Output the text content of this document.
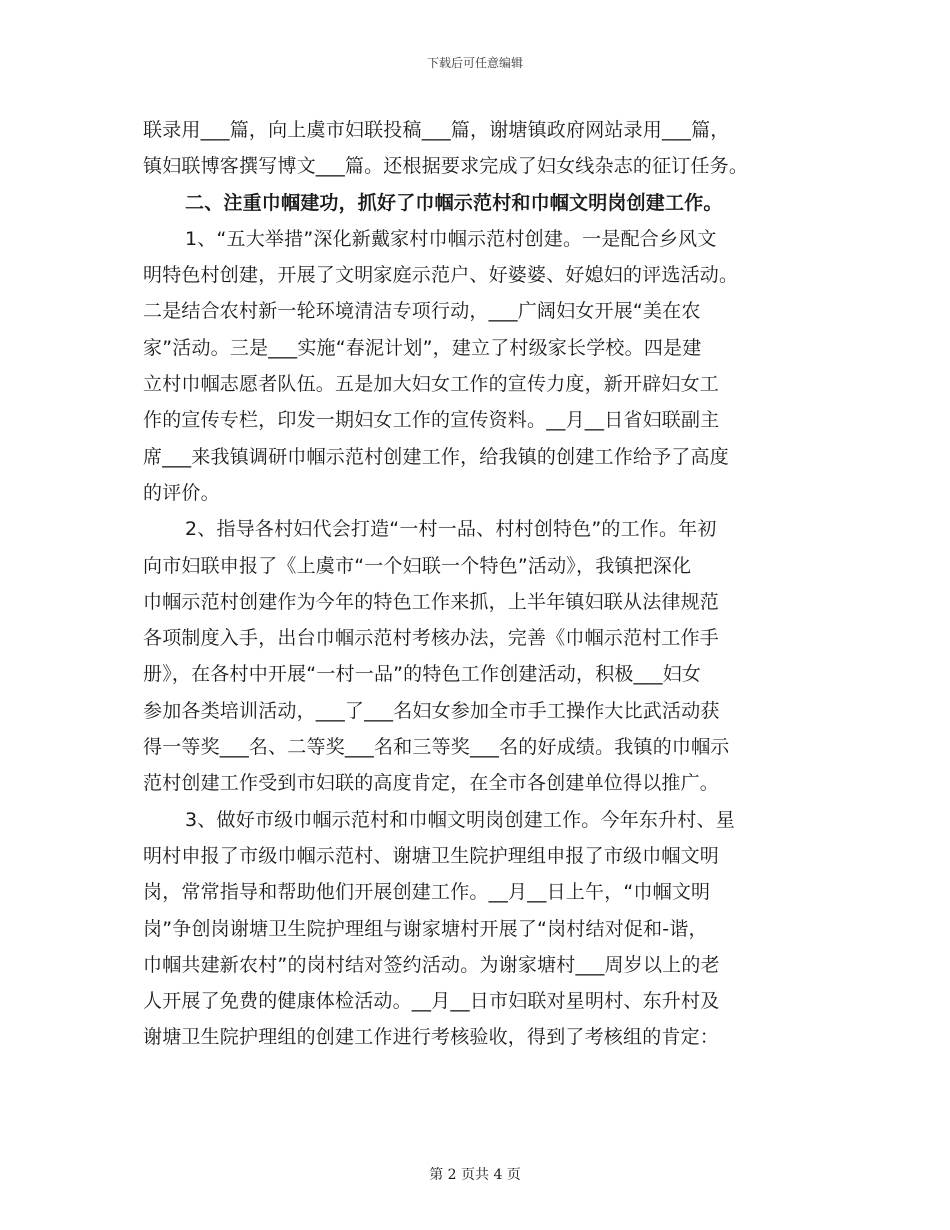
下载后可任意编辑
联录用___篇，向上虞市妇联投稿___篇，谢塘镇政府网站录用___篇，
镇妇联博客撰写博文___篇。还根据要求完成了妇女线杂志的征订任务。
二、注重巾帼建功，抓好了巾帼示范村和巾帼文明岗创建工作。
1、“五大举措”深化新戴家村巾帼示范村创建。一是配合乡风文
明特色村创建，开展了文明家庭示范户、好婆婆、好媳妇的评选活动。
二是结合农村新一轮环境清洁专项行动，___广阔妇女开展“美在农
家”活动。三是___实施“春泥计划”，建立了村级家长学校。四是建
立村巾帼志愿者队伍。五是加大妇女工作的宣传力度，新开辟妇女工
作的宣传专栏，印发一期妇女工作的宣传资料。__月__日省妇联副主
席___来我镇调研巾帼示范村创建工作，给我镇的创建工作给予了高度
的评价。
2、指导各村妇代会打造“一村一品、村村创特色”的工作。年初
向市妇联申报了《上虞市“一个妇联一个特色”活动》，我镇把深化
巾帼示范村创建作为今年的特色工作来抓，上半年镇妇联从法律规范
各项制度入手，出台巾帼示范村考核办法，完善《巾帼示范村工作手
册》，在各村中开展“一村一品”的特色工作创建活动，积极___妇女
参加各类培训活动，___了___名妇女参加全市手工操作大比武活动获
得一等奖___名、二等奖___名和三等奖___名的好成绩。我镇的巾帼示
范村创建工作受到市妇联的高度肯定，在全市各创建单位得以推广。
3、做好市级巾帼示范村和巾帼文明岗创建工作。今年东升村、星
明村申报了市级巾帼示范村、谢塘卫生院护理组申报了市级巾帼文明
岗，常常指导和帮助他们开展创建工作。__月__日上午，“巾帼文明
岗”争创岗谢塘卫生院护理组与谢家塘村开展了“岗村结对促和-谐，
巾帼共建新农村”的岗村结对签约活动。为谢家塘村___周岁以上的老
人开展了免费的健康体检活动。__月__日市妇联对星明村、东升村及
谢塘卫生院护理组的创建工作进行考核验收，得到了考核组的肯定：
第 2 页共 4 页
